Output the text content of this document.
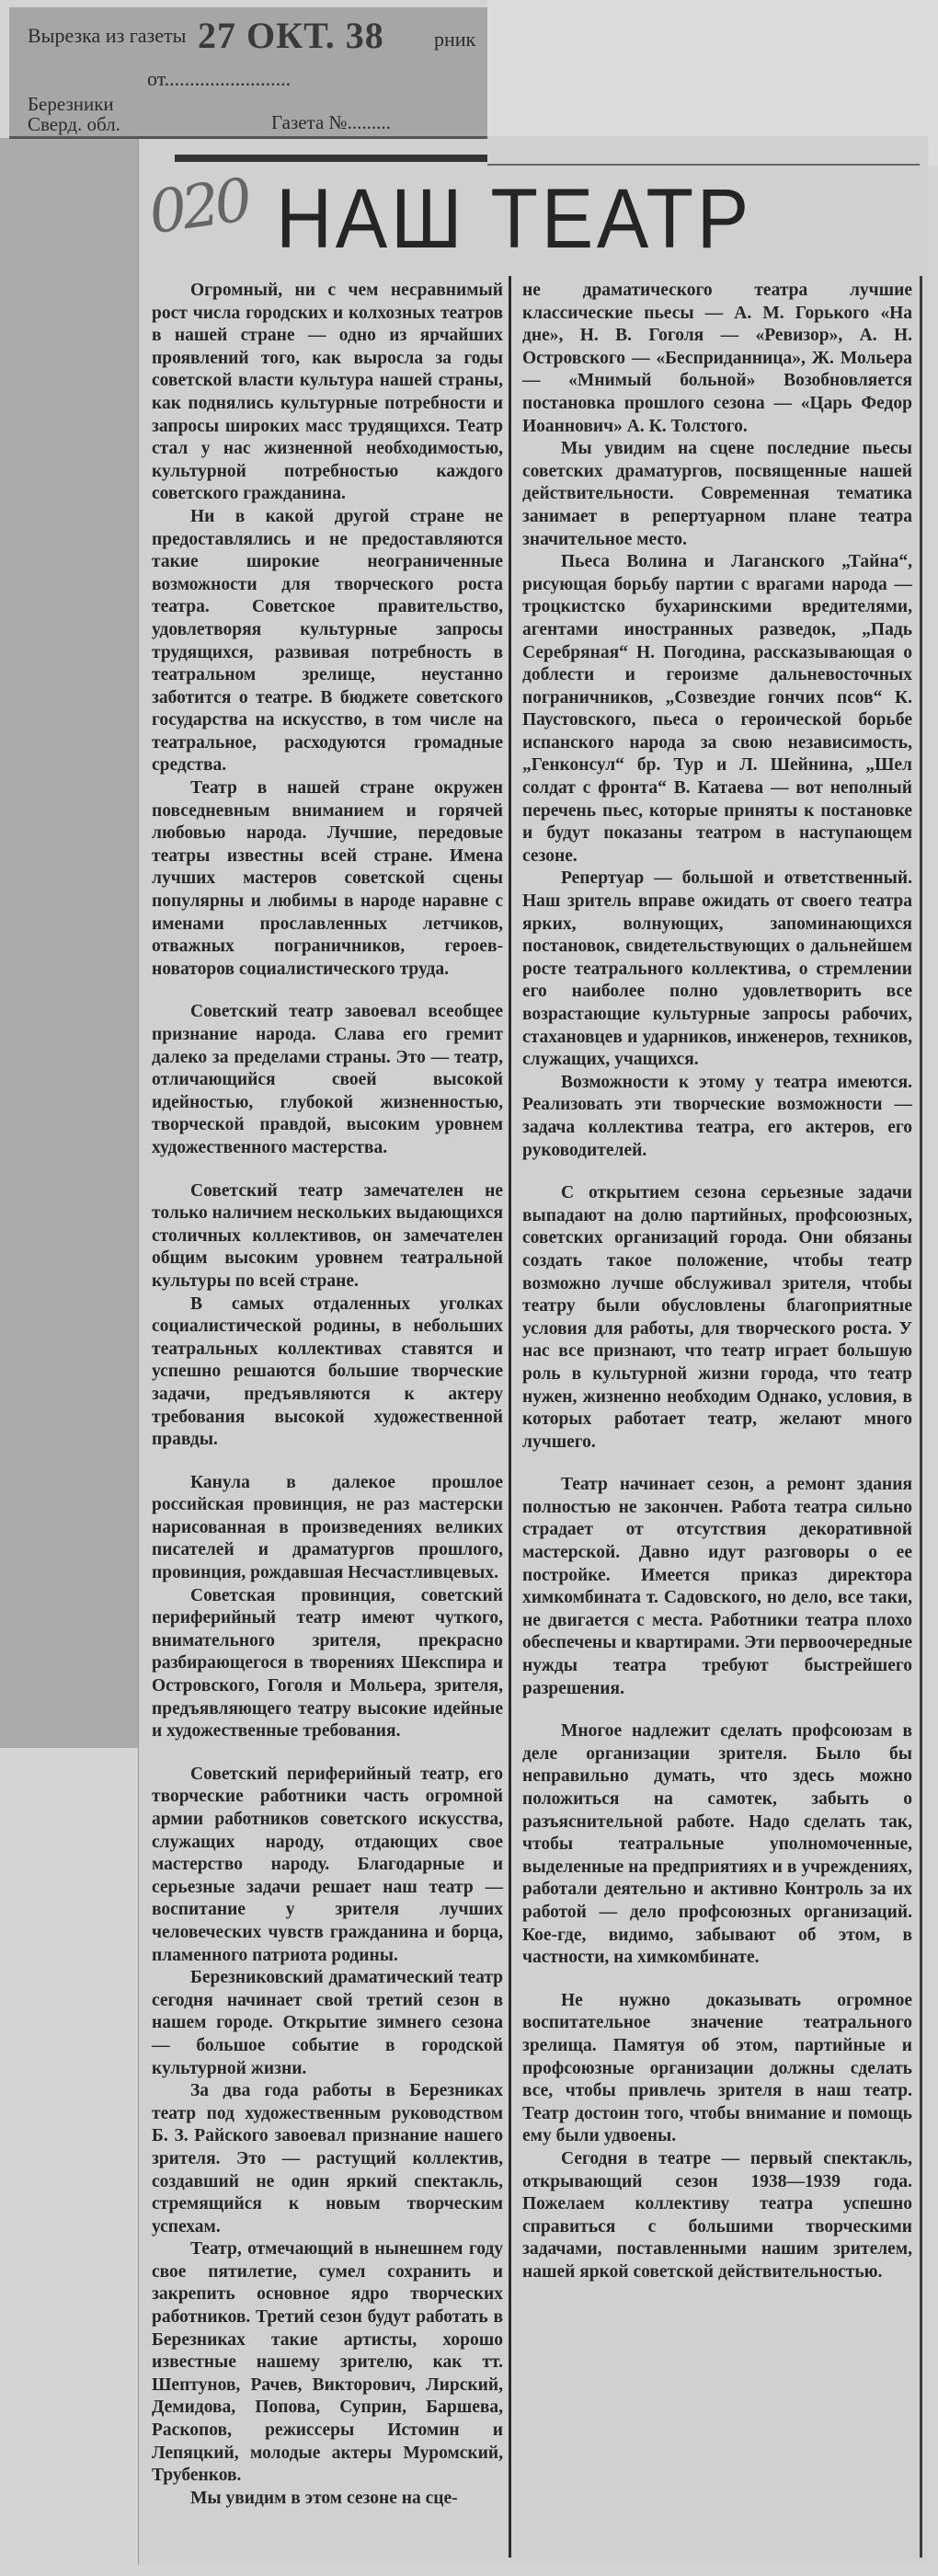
Вырезка из газеты 27 ОКТ. 38 рник
от.........................
Березники
Сверд. обл.	Газета №.........
020 НАШ ТЕАТР

Огромный, ни с чем несравнимый рост числа городских и колхозных театров в нашей стране — одно из ярчайших проявлений того, как выросла за годы советской власти культура нашей страны, как поднялись культурные потребности и запросы широких масс трудящихся. Театр стал у нас жизненной необходимостью, культурной потребностью каждого советского гражданина.

Ни в какой другой стране не предоставлялись и не предоставляются такие широкие неограниченные возможности для творческого роста театра. Советское правительство, удовлетворяя культурные запросы трудящихся, развивая потребность в театральном зрелище, неустанно заботится о театре. В бюджете советского государства на искусство, в том числе на театральное, расходуются громадные средства.

Театр в нашей стране окружен повседневным вниманием и горячей любовью народа. Лучшие, передовые театры известны всей стране. Имена лучших мастеров советской сцены популярны и любимы в народе наравне с именами прославленных летчиков, отважных пограничников, героев-новаторов социалистического труда.

Советский театр завоевал всеобщее признание народа. Слава его гремит далеко за пределами страны. Это — театр, отличающийся своей высокой идейностью, глубокой жизненностью, творческой правдой, высоким уровнем художественного мастерства.

Советский театр замечателен не только наличием нескольких выдающихся столичных коллективов, он замечателен общим высоким уровнем театральной культуры по всей стране.

В самых отдаленных уголках социалистической родины, в небольших театральных коллективах ставятся и успешно решаются большие творческие задачи, предъявляются к актеру требования высокой художественной правды.

Канула в далекое прошлое российская провинция, не раз мастерски нарисованная в произведениях великих писателей и драматургов прошлого, провинция, рождавшая Несчастливцевых.

Советская провинция, советский периферийный театр имеют чуткого, внимательного зрителя, прекрасно разбирающегося в творениях Шекспира и Островского, Гоголя и Мольера, зрителя, предъявляющего театру высокие идейные и художественные требования.

Советский периферийный театр, его творческие работники часть огромной армии работников советского искусства, служащих народу, отдающих свое мастерство народу. Благодарные и серьезные задачи решает наш театр — воспитание у зрителя лучших человеческих чувств гражданина и борца, пламенного патриота родины.

Березниковский драматический театр сегодня начинает свой третий сезон в нашем городе. Открытие зимнего сезона — большое событие в городской культурной жизни.

За два года работы в Березниках театр под художественным руководством Б. З. Райского завоевал признание нашего зрителя. Это — растущий коллектив, создавший не один яркий спектакль, стремящийся к новым творческим успехам.

Театр, отмечающий в нынешнем году свое пятилетие, сумел сохранить и закрепить основное ядро творческих работников. Третий сезон будут работать в Березниках такие артисты, хорошо известные нашему зрителю, как тт. Шептунов, Рачев, Викторович, Лирский, Демидова, Попова, Суприн, Баршева, Раскопов, режиссеры Истомин и Лепяцкий, молодые актеры Муромский, Трубенков.

Мы увидим в этом сезоне на сце-

не драматического театра лучшие классические пьесы — А. М. Горького «На дне», Н. В. Гоголя — «Ревизор», А. Н. Островского — «Бесприданница», Ж. Мольера — «Мнимый больной» Возобновляется постановка прошлого сезона — «Царь Федор Иоаннович» А. К. Толстого.

Мы увидим на сцене последние пьесы советских драматургов, посвященные нашей действительности. Современная тематика занимает в репертуарном плане театра значительное место.

Пьеса Волина и Лаганского „Тайна“, рисующая борьбу партии с врагами народа — троцкистско бухаринскими вредителями, агентами иностранных разведок, „Падь Серебряная“ Н. Погодина, рассказывающая о доблести и героизме дальневосточных пограничников, „Созвездие гончих псов“ К. Паустовского, пьеса о героической борьбе испанского народа за свою независимость, „Генконсул“ бр. Тур и Л. Шейнина, „Шел солдат с фронта“ В. Катаева — вот неполный перечень пьес, которые приняты к постановке и будут показаны театром в наступающем сезоне.

Репертуар — большой и ответственный. Наш зритель вправе ожидать от своего театра ярких, волнующих, запоминающихся постановок, свидетельствующих о дальнейшем росте театрального коллектива, о стремлении его наиболее полно удовлетворить все возрастающие культурные запросы рабочих, стахановцев и ударников, инженеров, техников, служащих, учащихся.

Возможности к этому у театра имеются. Реализовать эти творческие возможности — задача коллектива театра, его актеров, его руководителей.

С открытием сезона серьезные задачи выпадают на долю партийных, профсоюзных, советских организаций города. Они обязаны создать такое положение, чтобы театр возможно лучше обслуживал зрителя, чтобы театру были обусловлены благоприятные условия для работы, для творческого роста. У нас все признают, что театр играет большую роль в культурной жизни города, что театр нужен, жизненно необходим Однако, условия, в которых работает театр, желают много лучшего.

Театр начинает сезон, а ремонт здания полностью не закончен. Работа театра сильно страдает от отсутствия декоративной мастерской. Давно идут разговоры о ее постройке. Имеется приказ директора химкомбината т. Садовского, но дело, все таки, не двигается с места. Работники театра плохо обеспечены и квартирами. Эти первоочередные нужды театра требуют быстрейшего разрешения.

Многое надлежит сделать профсоюзам в деле организации зрителя. Было бы неправильно думать, что здесь можно положиться на самотек, забыть о разъяснительной работе. Надо сделать так, чтобы театральные уполномоченные, выделенные на предприятиях и в учреждениях, работали деятельно и активно Контроль за их работой — дело профсоюзных организаций. Кое-где, видимо, забывают об этом, в частности, на химкомбинате.

Не нужно доказывать огромное воспитательное значение театрального зрелища. Памятуя об этом, партийные и профсоюзные организации должны сделать все, чтобы привлечь зрителя в наш театр. Театр достоин того, чтобы внимание и помощь ему были удвоены.

Сегодня в театре — первый спектакль, открывающий сезон 1938—1939 года. Пожелаем коллективу театра успешно справиться с большими творческими задачами, поставленными нашим зрителем, нашей яркой советской действительностью.
